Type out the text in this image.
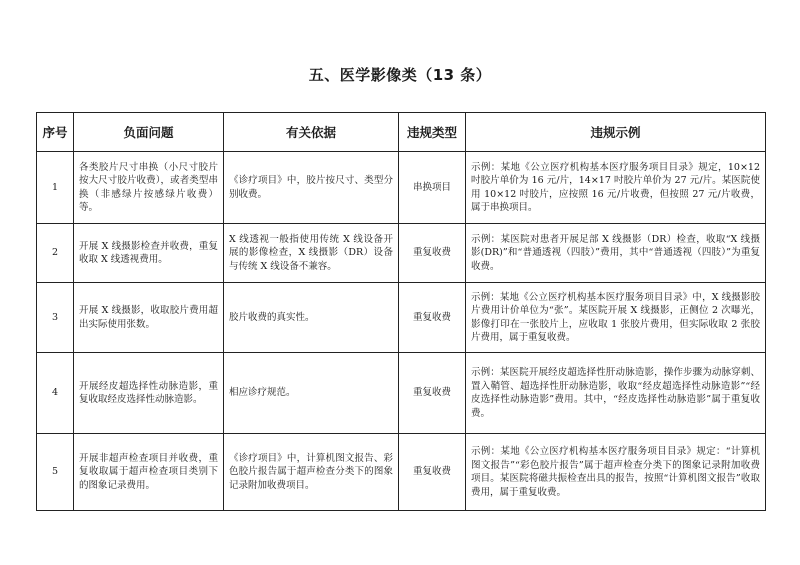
五、医学影像类（13 条）
序号	负面问题	有关依据	违规类型	违规示例
1	各类胶片尺寸串换（小尺寸胶片按大尺寸胶片收费），或者类型串换（非感绿片按感绿片收费）等。	《诊疗项目》中，胶片按尺寸、类型分别收费。	串换项目	示例：某地《公立医疗机构基本医疗服务项目目录》规定，10×12 吋胶片单价为 16 元/片，14×17 吋胶片单价为 27 元/片。某医院使用 10×12 吋胶片，应按照 16 元/片收费，但按照 27 元/片收费，属于串换项目。

2	开展 X 线摄影检查并收费，重复收取 X 线透视费用。	X 线透视一般指使用传统 X 线设备开展的影像检查，X 线摄影（DR）设备与传统 X 线设备不兼容。	重复收费	示例：某医院对患者开展足部 X 线摄影（DR）检查，收取“X 线摄影(DR)”和“普通透视（四肢）”费用，其中“普通透视（四肢）”为重复收费。

3	开展 X 线摄影，收取胶片费用超出实际使用张数。	胶片收费的真实性。	重复收费	示例：某地《公立医疗机构基本医疗服务项目目录》中，X 线摄影胶片费用计价单位为“张”。某医院开展 X 线摄影，正侧位 2 次曝光，影像打印在一张胶片上，应收取 1 张胶片费用，但实际收取 2 张胶片费用，属于重复收费。

4	开展经皮超选择性动脉造影，重复收取经皮选择性动脉造影。	相应诊疗规范。	重复收费	示例：某医院开展经皮超选择性肝动脉造影，操作步骤为动脉穿刺、置入鞘管、超选择性肝动脉造影，收取“经皮超选择性动脉造影”“经皮选择性动脉造影”费用。其中，“经皮选择性动脉造影”属于重复收费。

5	开展非超声检查项目并收费，重复收取属于超声检查项目类别下的图象记录费用。	《诊疗项目》中，计算机图文报告、彩色胶片报告属于超声检查分类下的图象记录附加收费项目。	重复收费	示例：某地《公立医疗机构基本医疗服务项目目录》规定：“计算机图文报告”“彩色胶片报告”属于超声检查分类下的图象记录附加收费项目。某医院将磁共振检查出具的报告，按照“计算机图文报告”收取费用，属于重复收费。
